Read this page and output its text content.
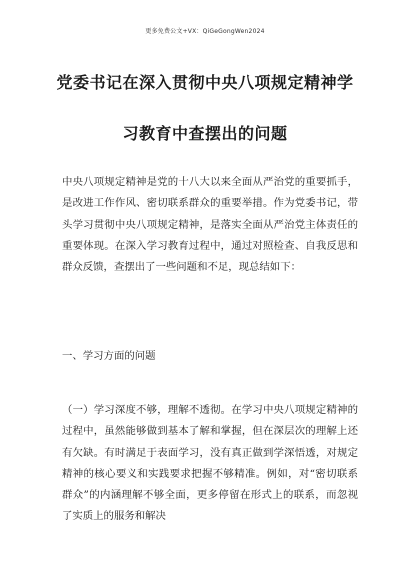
更多免费公文+VX：QiGeGongWen2024
党委书记在深入贯彻中央八项规定精神学
习教育中查摆出的问题

中央八项规定精神是党的十八大以来全面从严治党的重要抓手，是改进工作作风、密切联系群众的重要举措。作为党委书记，带头学习贯彻中央八项规定精神，是落实全面从严治党主体责任的重要体现。在深入学习教育过程中，通过对照检查、自我反思和群众反馈，查摆出了一些问题和不足，现总结如下：

一、学习方面的问题

（一）学习深度不够，理解不透彻。在学习中央八项规定精神的过程中，虽然能够做到基本了解和掌握，但在深层次的理解上还有欠缺。有时满足于表面学习，没有真正做到学深悟透，对规定精神的核心要义和实践要求把握不够精准。例如，对“密切联系群众”的内涵理解不够全面，更多停留在形式上的联系，而忽视了实质上的服务和解决
